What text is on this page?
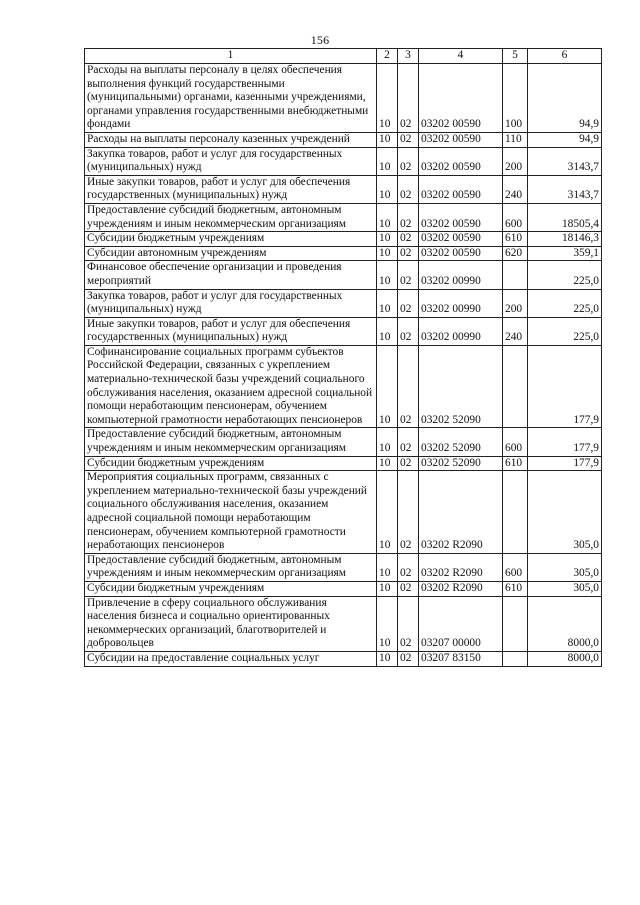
156
1	2	3	4	5	6
Расходы на выплаты персоналу в целях обеспечения выполнения функций государственными (муниципальными) органами, казенными учреждениями, органами управления государственными внебюджетными фондами	10	02	03202 00590	100	94,9
Расходы на выплаты персоналу казенных учреждений	10	02	03202 00590	110	94,9
Закупка товаров, работ и услуг для государственных (муниципальных) нужд	10	02	03202 00590	200	3143,7
Иные закупки товаров, работ и услуг для обеспечения государственных (муниципальных) нужд	10	02	03202 00590	240	3143,7
Предоставление субсидий бюджетным, автономным учреждениям и иным некоммерческим организациям	10	02	03202 00590	600	18505,4
Субсидии бюджетным учреждениям	10	02	03202 00590	610	18146,3
Субсидии автономным учреждениям	10	02	03202 00590	620	359,1
Финансовое обеспечение организации и проведения мероприятий	10	02	03202 00990		225,0
Закупка товаров, работ и услуг для государственных (муниципальных) нужд	10	02	03202 00990	200	225,0
Иные закупки товаров, работ и услуг для обеспечения государственных (муниципальных) нужд	10	02	03202 00990	240	225,0
Софинансирование социальных программ субъектов Российской Федерации, связанных с укреплением материально-технической базы учреждений социального обслуживания населения, оказанием адресной социальной помощи неработающим пенсионерам, обучением компьютерной грамотности неработающих пенсионеров	10	02	03202 52090		177,9
Предоставление субсидий бюджетным, автономным учреждениям и иным некоммерческим организациям	10	02	03202 52090	600	177,9
Субсидии бюджетным учреждениям	10	02	03202 52090	610	177,9
Мероприятия социальных программ, связанных с укреплением материально-технической базы учреждений социального обслуживания населения, оказанием адресной социальной помощи неработающим пенсионерам, обучением компьютерной грамотности неработающих пенсионеров	10	02	03202 R2090		305,0
Предоставление субсидий бюджетным, автономным учреждениям и иным некоммерческим организациям	10	02	03202 R2090	600	305,0
Субсидии бюджетным учреждениям	10	02	03202 R2090	610	305,0
Привлечение в сферу социального обслуживания населения бизнеса и социально ориентированных некоммерческих организаций, благотворителей и добровольцев	10	02	03207 00000		8000,0
Субсидии на предоставление социальных услуг	10	02	03207 83150		8000,0
